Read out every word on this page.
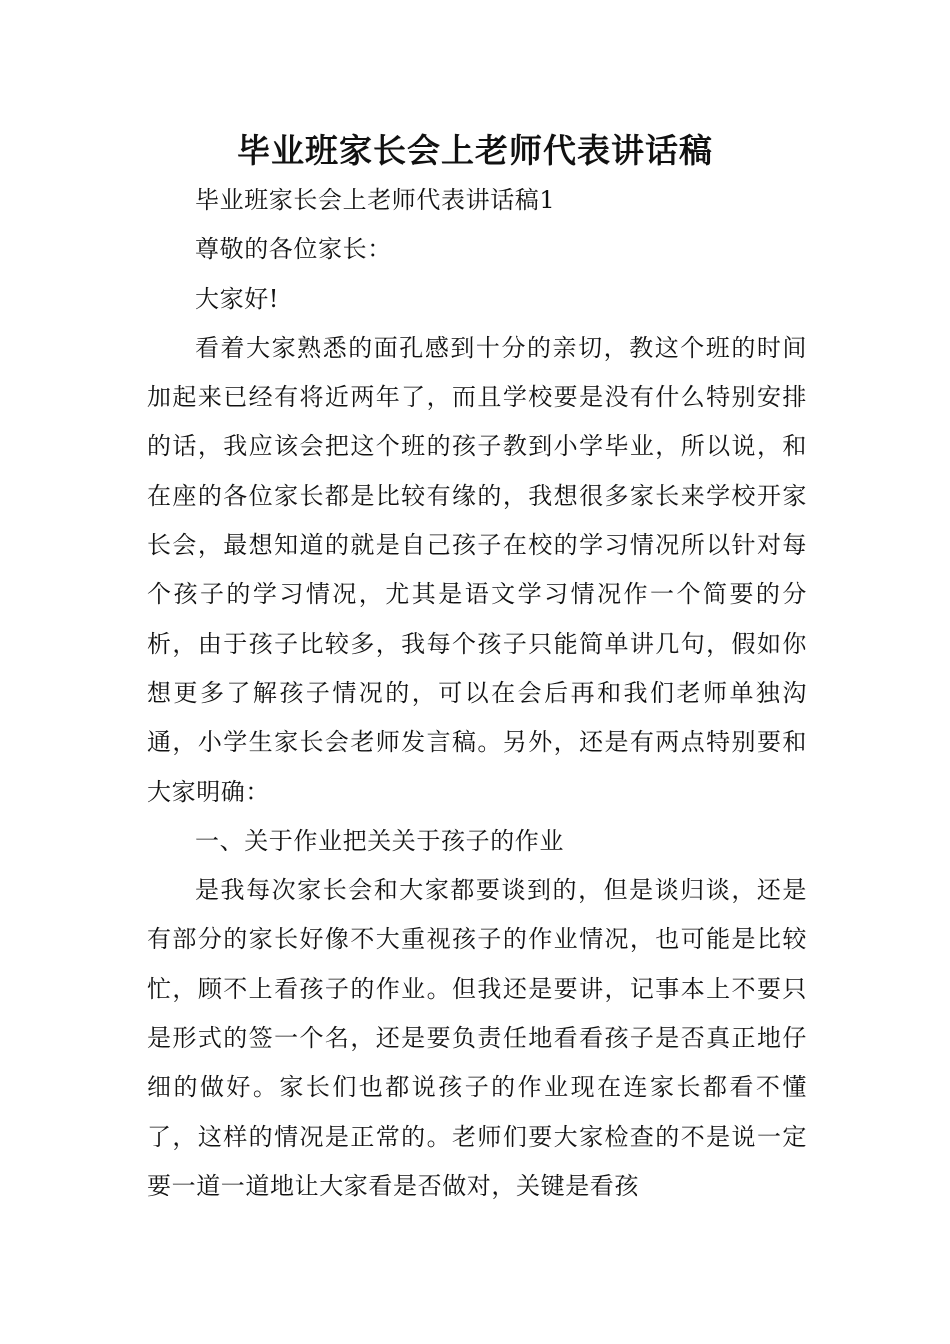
毕业班家长会上老师代表讲话稿

毕业班家长会上老师代表讲话稿1

尊敬的各位家长：

大家好!

看着大家熟悉的面孔感到十分的亲切，教这个班的时间加起来已经有将近两年了，而且学校要是没有什么特别安排的话，我应该会把这个班的孩子教到小学毕业，所以说，和在座的各位家长都是比较有缘的，我想很多家长来学校开家长会，最想知道的就是自己孩子在校的学习情况所以针对每个孩子的学习情况，尤其是语文学习情况作一个简要的分析，由于孩子比较多，我每个孩子只能简单讲几句，假如你想更多了解孩子情况的，可以在会后再和我们老师单独沟通，小学生家长会老师发言稿。另外，还是有两点特别要和大家明确：

一、关于作业把关关于孩子的作业

是我每次家长会和大家都要谈到的，但是谈归谈，还是有部分的家长好像不大重视孩子的作业情况，也可能是比较忙，顾不上看孩子的作业。但我还是要讲，记事本上不要只是形式的签一个名，还是要负责任地看看孩子是否真正地仔细的做好。家长们也都说孩子的作业现在连家长都看不懂了，这样的情况是正常的。老师们要大家检查的不是说一定要一道一道地让大家看是否做对，关键是看孩
